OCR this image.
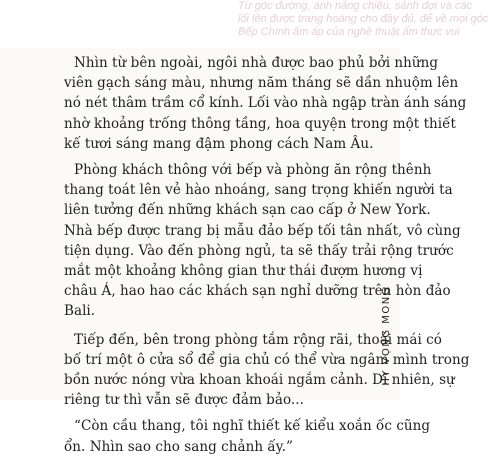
Từ góc đường, ánh nắng chiều, sảnh đợi và các
lối lên được trang hoàng cho đầy đủ, để về mọi góc
Bếp Chính ấm áp của nghệ thuật ẩm thực vui

Nhìn từ bên ngoài, ngôi nhà được bao phủ bởi những
viên gạch sáng màu, nhưng năm tháng sẽ dần nhuộm lên
nó nét thâm trầm cổ kính. Lối vào nhà ngập tràn ánh sáng
nhờ khoảng trống thông tầng, hoa quyện trong một thiết
kế tươi sáng mang đậm phong cách Nam Âu.

Phòng khách thông với bếp và phòng ăn rộng thênh
thang toát lên vẻ hào nhoáng, sang trọng khiến người ta
liên tưởng đến những khách sạn cao cấp ở New York.
Nhà bếp được trang bị mẫu đảo bếp tối tân nhất, vô cùng
tiện dụng. Vào đến phòng ngủ, ta sẽ thấy trải rộng trước
mắt một khoảng không gian thư thái đượm hương vị
châu Á, hao hao các khách sạn nghỉ dưỡng trên hòn đảo
Bali.

Tiếp đến, bên trong phòng tắm rộng rãi, thoải mái có
bố trí một ô cửa sổ để gia chủ có thể vừa ngâm mình trong
bồn nước nóng vừa khoan khoái ngắm cảnh. Dĩ nhiên, sự
riêng tư thì vẫn sẽ được đảm bảo...

“Còn cầu thang, tôi nghĩ thiết kế kiểu xoắn ốc cũng
ổn. Nhìn sao cho sang chảnh ấy.”

HY VỌNG MONG
